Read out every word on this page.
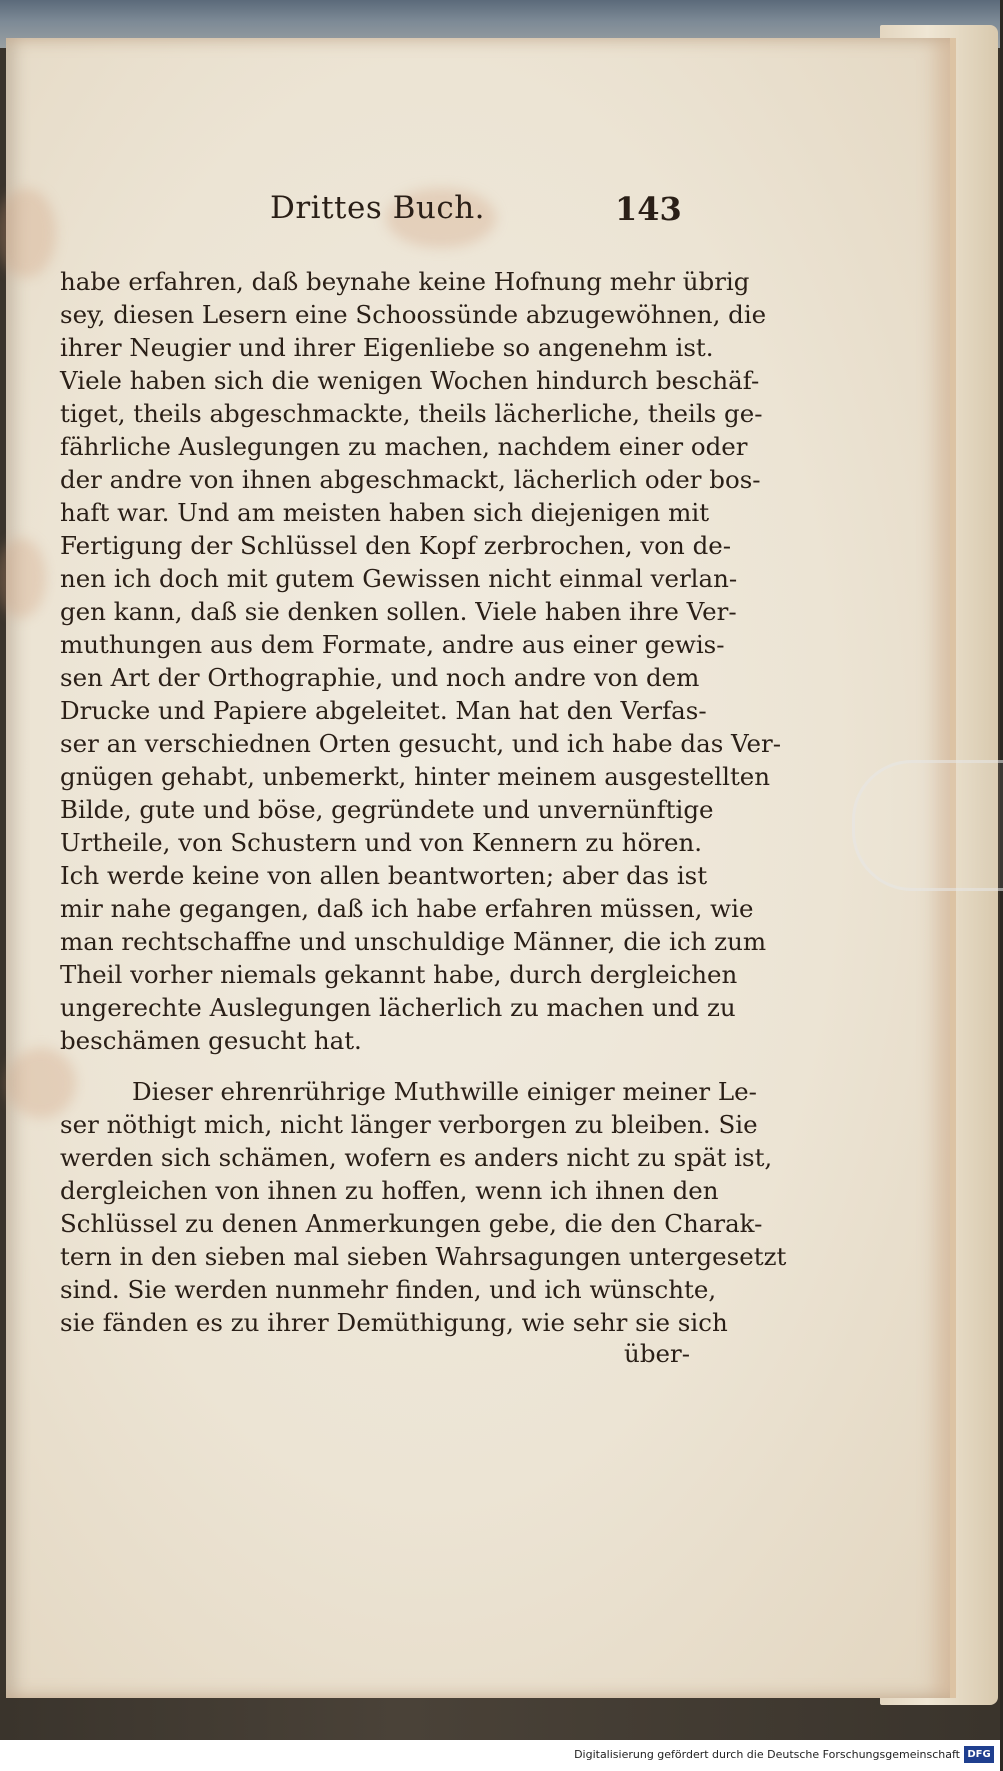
Drittes Buch.	143
habe erfahren, daß beynahe keine Hofnung mehr übrig
sey, diesen Lesern eine Schoossünde abzugewöhnen, die
ihrer Neugier und ihrer Eigenliebe so angenehm ist.
Viele haben sich die wenigen Wochen hindurch beschäf-
tiget, theils abgeschmackte, theils lächerliche, theils ge-
fährliche Auslegungen zu machen, nachdem einer oder
der andre von ihnen abgeschmackt, lächerlich oder bos-
haft war. Und am meisten haben sich diejenigen mit
Fertigung der Schlüssel den Kopf zerbrochen, von de-
nen ich doch mit gutem Gewissen nicht einmal verlan-
gen kann, daß sie denken sollen. Viele haben ihre Ver-
muthungen aus dem Formate, andre aus einer gewis-
sen Art der Orthographie, und noch andre von dem
Drucke und Papiere abgeleitet. Man hat den Verfas-
ser an verschiednen Orten gesucht, und ich habe das Ver-
gnügen gehabt, unbemerkt, hinter meinem ausgestellten
Bilde, gute und böse, gegründete und unvernünftige
Urtheile, von Schustern und von Kennern zu hören.
Ich werde keine von allen beantworten; aber das ist
mir nahe gegangen, daß ich habe erfahren müssen, wie
man rechtschaffne und unschuldige Männer, die ich zum
Theil vorher niemals gekannt habe, durch dergleichen
ungerechte Auslegungen lächerlich zu machen und zu
beschämen gesucht hat.
Dieser ehrenrührige Muthwille einiger meiner Le-
ser nöthigt mich, nicht länger verborgen zu bleiben. Sie
werden sich schämen, wofern es anders nicht zu spät ist,
dergleichen von ihnen zu hoffen, wenn ich ihnen den
Schlüssel zu denen Anmerkungen gebe, die den Charak-
tern in den sieben mal sieben Wahrsagungen untergesetzt
sind. Sie werden nunmehr finden, und ich wünschte,
sie fänden es zu ihrer Demüthigung, wie sehr sie sich
über-
Digitalisierung gefördert durch die Deutsche Forschungsgemeinschaft DFG
